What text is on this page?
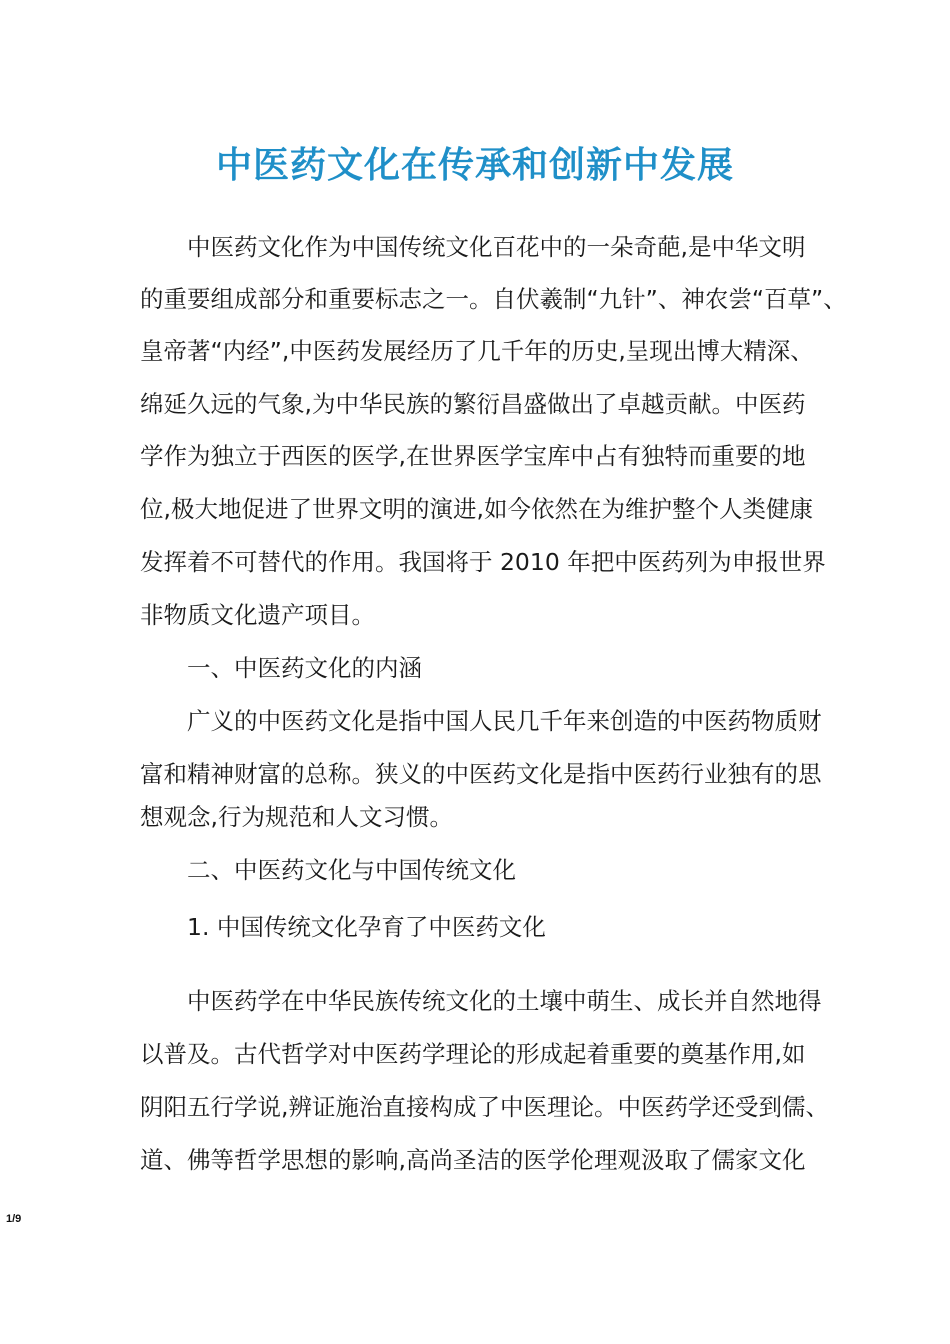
中医药文化在传承和创新中发展
中医药文化作为中国传统文化百花中的一朵奇葩,是中华文明
的重要组成部分和重要标志之一。自伏羲制“九针”、神农尝“百草”、
皇帝著“内经”,中医药发展经历了几千年的历史,呈现出博大精深、
绵延久远的气象,为中华民族的繁衍昌盛做出了卓越贡献。中医药
学作为独立于西医的医学,在世界医学宝库中占有独特而重要的地
位,极大地促进了世界文明的演进,如今依然在为维护整个人类健康
发挥着不可替代的作用。我国将于 2010 年把中医药列为申报世界
非物质文化遗产项目。
一、中医药文化的内涵
广义的中医药文化是指中国人民几千年来创造的中医药物质财
富和精神财富的总称。狭义的中医药文化是指中医药行业独有的思
想观念,行为规范和人文习惯。
二、中医药文化与中国传统文化
1. 中国传统文化孕育了中医药文化
中医药学在中华民族传统文化的土壤中萌生、成长并自然地得
以普及。古代哲学对中医药学理论的形成起着重要的奠基作用,如
阴阳五行学说,辨证施治直接构成了中医理论。中医药学还受到儒、
道、佛等哲学思想的影响,高尚圣洁的医学伦理观汲取了儒家文化
1/9
